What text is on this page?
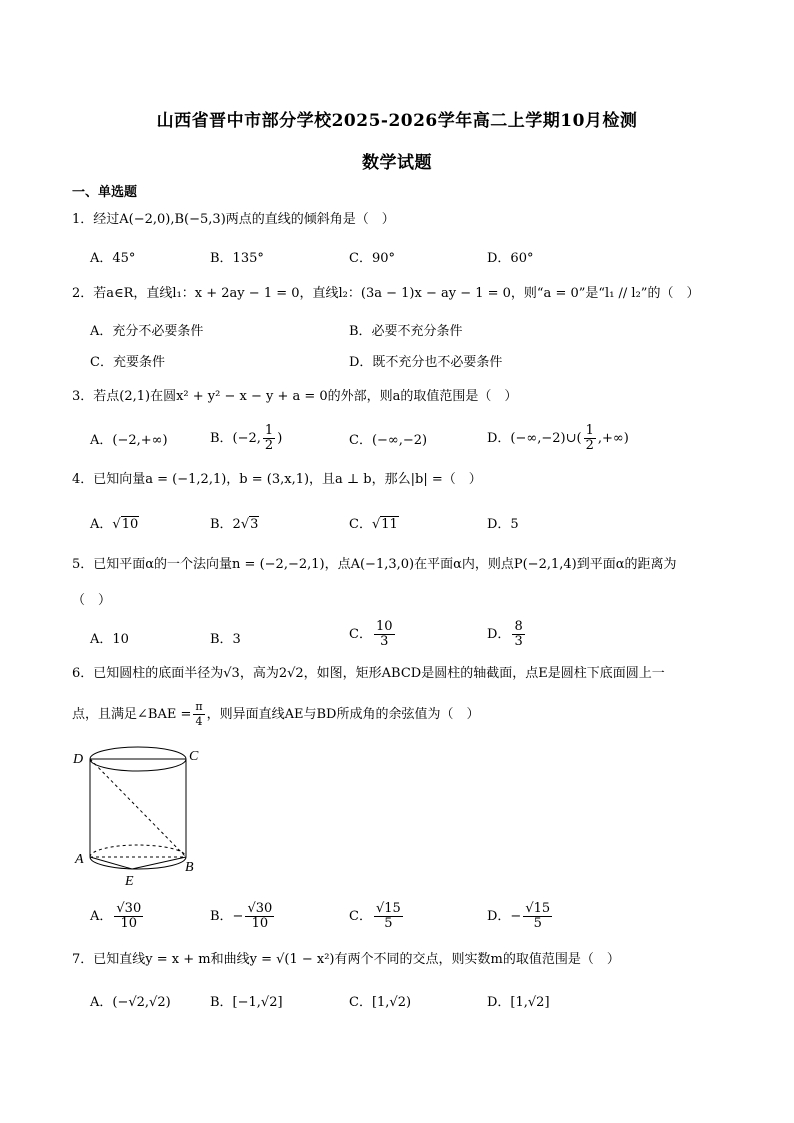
山西省晋中市部分学校2025-2026学年高二上学期10月检测
数学试题
一、单选题
1．经过A(−2,0),B(−5,3)两点的直线的倾斜角是（　）
A．45°	B．135°	C．90°	D．60°
2．若a∈R，直线l₁：x + 2ay − 1 = 0，直线l₂：(3a − 1)x − ay − 1 = 0，则“a = 0”是“l₁ // l₂”的（　）
A．充分不必要条件	B．必要不充分条件
C．充要条件	D．既不充分也不必要条件
3．若点(2,1)在圆x² + y² − x − y + a = 0的外部，则a的取值范围是（　）
A．(−2,+∞)	B．(−2, $\frac{1}{2}$ )	C．(−∞,−2)	D．(−∞,−2)∪( $\frac{1}{2}$ ,+∞)
4．已知向量a = (−1,2,1)，b = (3,x,1)，且a ⊥ b，那么|b| =（　）
A．√10	B．2√3	C．√11	D．5
5．已知平面α的一个法向量n = (−2,−2,1)，点A(−1,3,0)在平面α内，则点P(−2,1,4)到平面α的距离为
（　）
A．10	B．3	C． $\frac{10}{3}$	D． $\frac{8}{3}$
6．已知圆柱的底面半径为√3，高为2√2，如图，矩形ABCD是圆柱的轴截面，点E是圆柱下底面圆上一
点，且满足∠BAE = $\frac{\pi}{4}$ ，则异面直线AE与BD所成角的余弦值为（　）
D	C
A
B
E
A． $\frac{√30}{10}$	B．− $\frac{√30}{10}$	C． $\frac{√15}{5}$	D．− $\frac{√15}{5}$
7．已知直线y = x + m和曲线y = √(1 − x²)有两个不同的交点，则实数m的取值范围是（　）
A．(−√2,√2)	B．[−1,√2]	C．[1,√2)	D．[1,√2]
